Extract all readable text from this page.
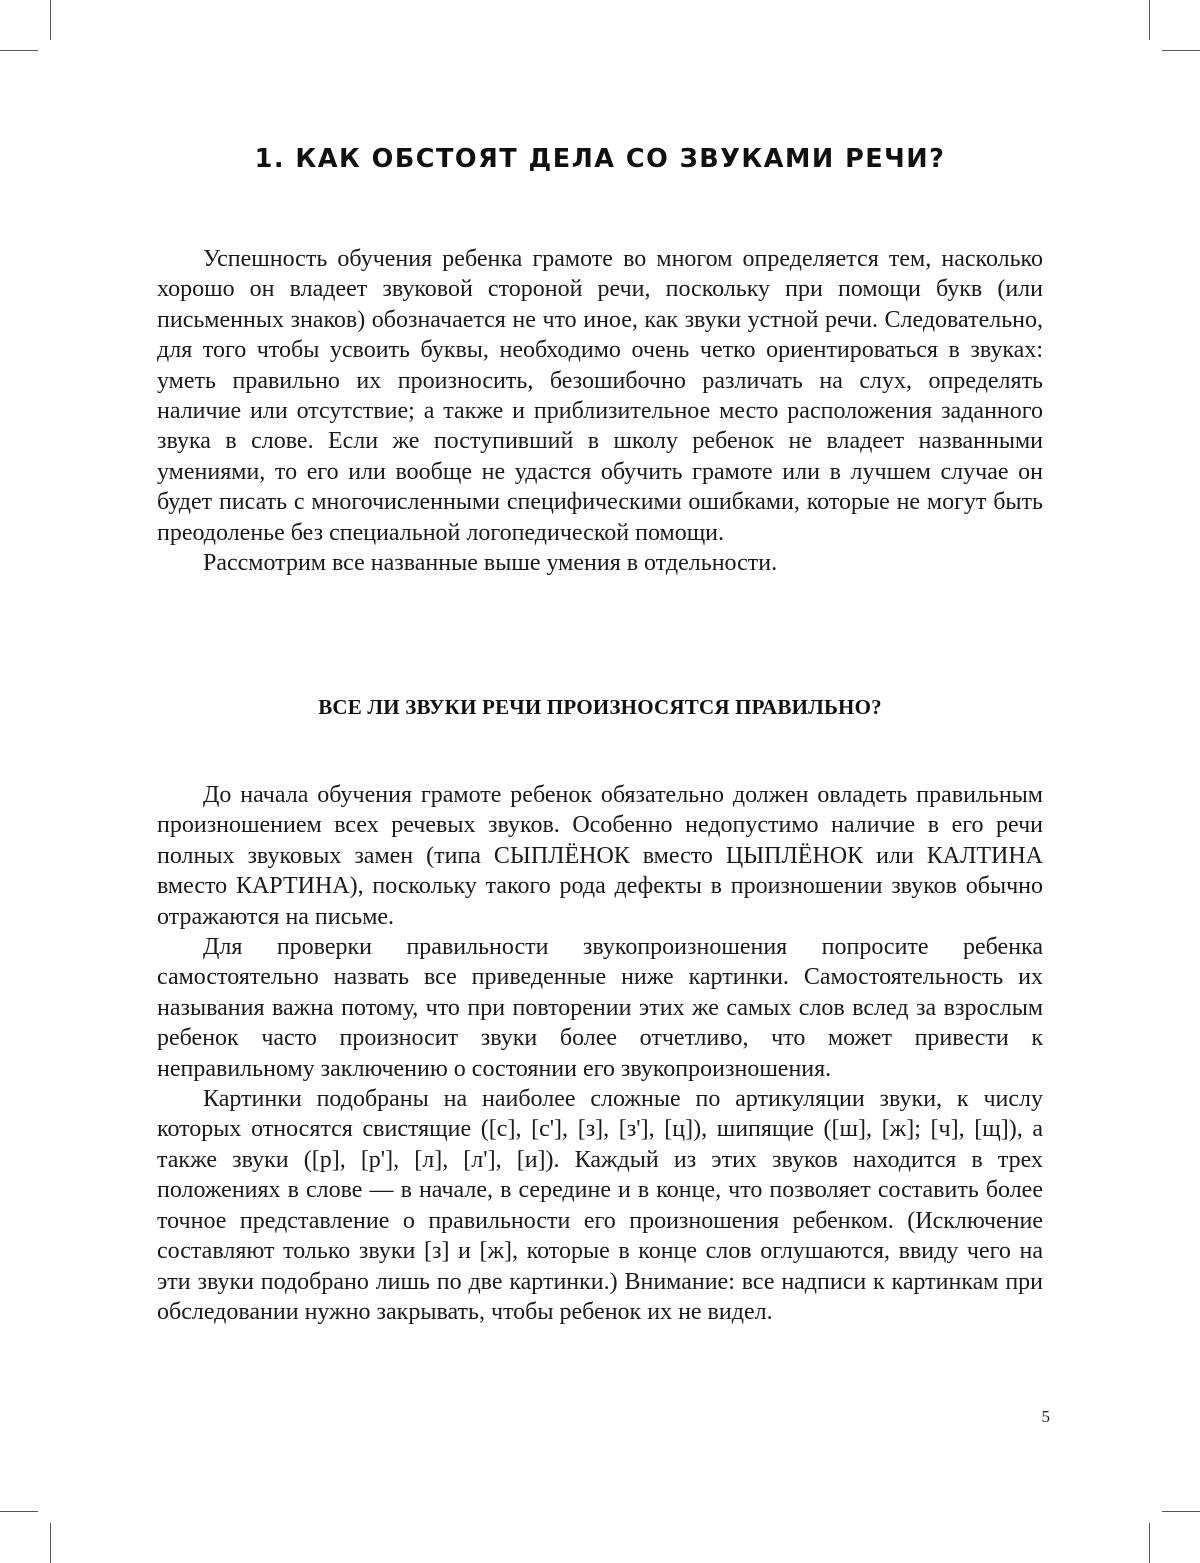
1. КАК ОБСТОЯТ ДЕЛА СО ЗВУКАМИ РЕЧИ?

Успешность обучения ребенка грамоте во многом определяется тем, насколько хорошо он владеет звуковой стороной речи, поскольку при помощи букв (или письменных знаков) обозначается не что иное, как звуки устной речи. Следовательно, для того чтобы усвоить буквы, необходимо очень четко ориентироваться в звуках: уметь правильно их произносить, безошибочно различать на слух, определять наличие или отсутствие; а также и приблизительное место расположения заданного звука в слове. Если же поступивший в школу ребенок не владеет названными умениями, то его или вообще не удастся обучить грамоте или в лучшем случае он будет писать с многочисленными специфическими ошибками, которые не могут быть преодоленье без специальной логопедической помощи.

Рассмотрим все названные выше умения в отдельности.

ВСЕ ЛИ ЗВУКИ РЕЧИ ПРОИЗНОСЯТСЯ ПРАВИЛЬНО?

До начала обучения грамоте ребенок обязательно должен овладеть правильным произношением всех речевых звуков. Особенно недопустимо наличие в его речи полных звуковых замен (типа СЫПЛЁНОК вместо ЦЫПЛЁНОК или КАЛТИНА вместо КАРТИНА), поскольку такого рода дефекты в произношении звуков обычно отражаются на письме.

Для проверки правильности звукопроизношения попросите ребенка самостоятельно назвать все приведенные ниже картинки. Самостоятельность их называния важна потому, что при повторении этих же самых слов вслед за взрослым ребенок часто произносит звуки более отчетливо, что может привести к неправильному заключению о состоянии его звукопроизношения.

Картинки подобраны на наиболее сложные по артикуляции звуки, к числу которых относятся свистящие ([с], [с'], [з], [з'], [ц]), шипящие ([ш], [ж]; [ч], [щ]), а также звуки ([р], [р'], [л], [л'], [и]). Каждый из этих звуков находится в трех положениях в слове — в начале, в середине и в конце, что позволяет составить более точное представление о правильности его произношения ребенком. (Исключение составляют только звуки [з] и [ж], которые в конце слов оглушаются, ввиду чего на эти звуки подобрано лишь по две картинки.) Внимание: все надписи к картинкам при обследовании нужно закрывать, чтобы ребенок их не видел.

5
